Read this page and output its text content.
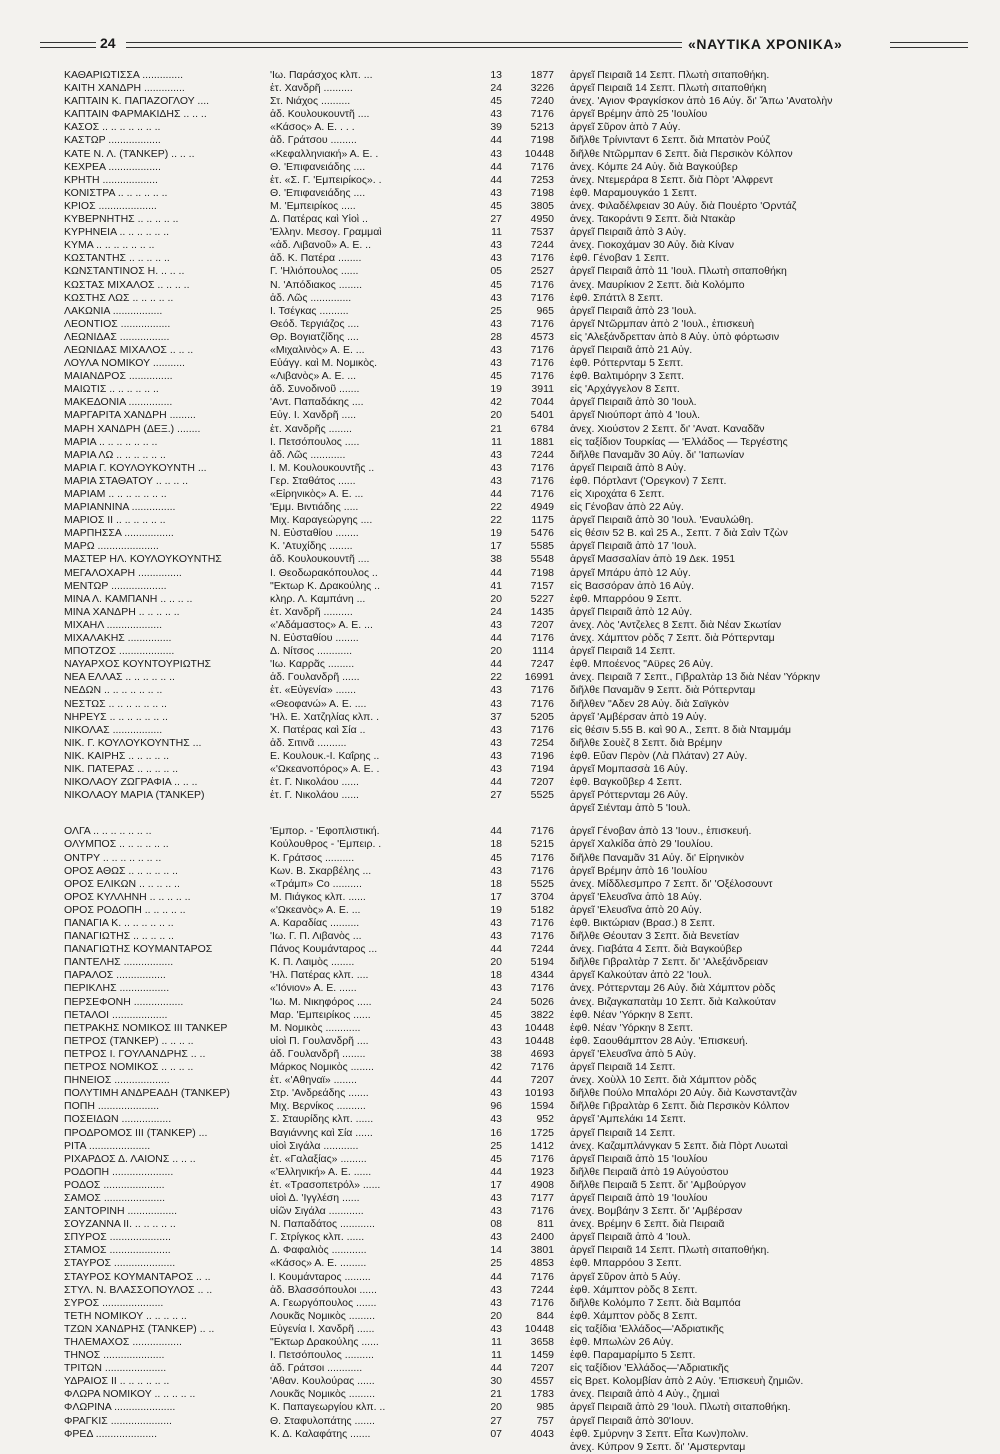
24	«ΝΑΥΤΙΚΑ ΧΡΟΝΙΚΑ»
ΚΑΘΑΡΙΩΤΙΣΣΑ ..............	'Ιω. Παράσχος κλπ. ...	13	1877 ἀργεῖ Πειραιᾶ 14 Σεπτ. Πλωτὴ σιταποθήκη.
ΚΑΙΤΗ ΧΑΝΔΡΗ ..............	ἐτ. Χανδρῆ ..........	24	3226 ἀργεῖ Πειραιᾶ 14 Σεπτ. Πλωτὴ σιταποθήκη
ΚΑΠΤΑΙΝ Κ. ΠΑΠΑΖΟΓΛΟΥ ....	Στ. Νιάχος ..........	45	7240 ἀνεχ. 'Αγιον Φραγκίσκον ἀπὸ 16 Αὐγ. δι' Ἄπω 'Ανατολὴν
ΚΑΠΤΑΙΝ ΦΑΡΜΑΚΙΔΗΣ .. .. ..	ἀδ. Κουλουκουντῆ ....	43	7176 ἀργεῖ Βρέμην ἀπὸ 25 'Ιουλίου
ΚΑΣΟΣ .. .. .. .. .. .. ..	«Κάσος» Α. Ε. . . .	39	5213 ἀργεῖ Σῦρον ἀπὸ 7 Αὐγ.
ΚΑΣΤΩΡ ..................	ἀδ. Γράτσου .........	44	7198 διῆλθε Τρίνινταντ 6 Σεπτ. διὰ Μπατὸν Ρούζ
ΚΑΤΕ Ν. Λ. (ΤΆΝΚΕΡ) .. .. ..	«Κεφαλληνιακή» Α. Ε. .	43	10448 διῆλθε Ντῶρμπαν 6 Σεπτ. διὰ Περσικὸν Κόλπον
ΚΕΧΡΕΑ ..................	Θ. 'Επιφανειάδης ....	44	7176 ἀνεχ. Κόμπε 24 Αὐγ. διὰ Βαγκούβερ
ΚΡΗΤΗ ...................	ἐτ. «Σ. Γ. 'Εμπειρίκος». .	44	7253 ἀνεχ. Ντεμεράρα 8 Σεπτ. διὰ Πὸρτ 'Αλφρεντ
ΚΟΝΙΣΤΡΑ .. .. .. .. .. ..	Θ. 'Επιφανειάδης ....	43	7198 ἐφθ. Μαραμουγκάο 1 Σεπτ.
ΚΡΙΟΣ ....................	Μ. 'Εμπειρίκος .....	45	3805 ἀνεχ. Φιλαδέλφειαν 30 Αὐγ. διὰ Πουέρτο 'Ορντάζ
ΚΥΒΕΡΝΗΤΗΣ .. .. .. .. ..	Δ. Πατέρας καὶ Υἱοὶ ..	27	4950 ἀνεχ. Τακοράντι 9 Σεπτ. διὰ Ντακὰρ
ΚΥΡΗΝΕΙΑ .. .. .. .. .. ..	'Ελλην. Μεσογ. Γραμμαὶ	11	7537 ἀργεῖ Πειραιᾶ ἀπὸ 3 Αὐγ.
ΚΥΜΑ .. .. .. .. .. .. ..	«ἀδ. Λιβανοῦ» Α. Ε. ..	43	7244 ἀνεχ. Γιοκοχάμαν 30 Αὐγ. διὰ Κίναν
ΚΩΣΤΑΝΤΗΣ .. .. .. .. ..	ἀδ. Κ. Πατέρα ........	43	7176 ἐφθ. Γένοβαν 1 Σεπτ.
ΚΩΝΣΤΑΝΤΙΝΟΣ Η. .. .. ..	Γ. 'Ηλιόπουλος ......	05	2527 ἀργεῖ Πειραιᾶ ἀπὸ 11 'Ιουλ. Πλωτὴ σιταποθήκη
ΚΩΣΤΑΣ ΜΙΧΑΛΟΣ .. .. .. ..	Ν. 'Απόδιακος ........	45	7176 ἀνεχ. Μαυρίκιον 2 Σεπτ. διὰ Κολόμπο
ΚΩΣΤΗΣ ΛΩΣ .. .. .. .. ..	ἀδ. Λῶς ..............	43	7176 ἐφθ. Σπάττλ 8 Σεπτ.
ΛΑΚΩΝΙΑ .................	Ι. Τσέγκας ..........	25	965 ἀργεῖ Πειραιᾶ ἀπὸ 23 'Ιουλ.
ΛΕΟΝΤΙΟΣ .................	Θεόδ. Τεργιάζος ....	43	7176 ἀργεῖ Ντῶρμπαν ἀπὸ 2 'Ιουλ., ἐπισκευὴ
ΛΕΩΝΙΔΑΣ .................	Θρ. Βογιατζίδης ....	28	4573 εἰς 'Αλεξάνδρετταν ἀπὸ 8 Αὐγ. ὑπὸ φόρτωσιν
ΛΕΩΝΙΔΑΣ ΜΙΧΑΛΟΣ .. .. ..	«Μιχαλινὸς» Α. Ε. ...	43	7176 ἀργεῖ Πειραιᾶ ἀπὸ 21 Αὐγ.
ΛΟΥΛΑ ΝΟΜΙΚΟΥ ...........	Εὐάγγ. καὶ Μ. Νομικὸς.	43	7176 ἐφθ. Ρόττερνταμ 5 Σεπτ.
ΜΑΙΑΝΔΡΟΣ ...............	«Λιβανὸς» Α. Ε. ...	45	7176 ἐφθ. Βαλτιμόρην 3 Σεπτ.
ΜΑΙΩΤΙΣ .. .. .. .. .. ..	ἀδ. Συνοδινοῦ .......	19	3911 εἰς 'Αρχάγγελον 8 Σεπτ.
ΜΑΚΕΔΟΝΙΑ ...............	'Αντ. Παπαδάκης ....	42	7044 ἀργεῖ Πειραιᾶ ἀπὸ 30 'Ιουλ.
ΜΑΡΓΑΡΙΤΑ ΧΑΝΔΡΗ .........	Εὐγ. Ι. Χανδρῆ .....	20	5401 ἀργεῖ Νιούπορτ ἀπὸ 4 'Ιουλ.
ΜΑΡΗ ΧΑΝΔΡΗ (ΔΕΞ.) ........	ἐτ. Χανδρῆς ........	21	6784 ἀνεχ. Χιούστον 2 Σεπτ. δι' 'Ανατ. Καναδᾶν
ΜΑΡΙΑ .. .. .. .. .. .. ..	Ι. Πετσόπουλος .....	11	1881 εἰς ταξίδιον Τουρκίας — 'Ελλάδος — Τεργέστης
ΜΑΡΙΑ ΛΩ .. .. .. .. .. ..	ἀδ. Λῶς ............	43	7244 διῆλθε Παναμᾶν 30 Αὐγ. δι' 'Ιαπωνίαν
ΜΑΡΙΑ Γ. ΚΟΥΛΟΥΚΟΥΝΤΗ ...	Ι. Μ. Κουλουκουντῆς ..	43	7176 ἀργεῖ Πειραιᾶ ἀπὸ 8 Αὐγ.
ΜΑΡΙΑ ΣΤΑΘΑΤΟΥ .. .. .. ..	Γερ. Σταθάτος ......	43	7176 ἐφθ. Πόρτλαντ ('Ορεγκον) 7 Σεπτ.
ΜΑΡΙΑΜ .. .. .. .. .. .. ..	«Εἰρηνικὸς» Α. Ε. ...	44	7176 εἰς Χιροχάτα 6 Σεπτ.
ΜΑΡΙΑΝΝΙΝΑ ...............	'Εμμ. Βιντιάδης .....	22	4949 εἰς Γένοβαν ἀπὸ 22 Αὐγ.
ΜΑΡΙΟΣ ΙΙ .. .. .. .. .. ..	Μιχ. Καραγεώργης ....	22	1175 ἀργεῖ Πειραιᾶ ἀπὸ 30 'Ιουλ. 'Εναυλώθη.
ΜΑΡΠΗΣΣΑ .................	Ν. Εὐσταθίου ........	19	5476 εἰς θέσιν 52 Β. καὶ 25 Α., Σεπτ. 7 διὰ Σαὶν Τζὼν
ΜΑΡΩ .....................	Κ. 'Ατυχίδης ........	17	5585 ἀργεῖ Πειραιᾶ ἀπὸ 17 'Ιουλ.
ΜΑΣΤΕΡ ΗΛ. ΚΟΥΛΟΥΚΟΥΝΤΗΣ	ἀδ. Κουλουκουντῆ ....	38	5548 ἀργεῖ Μασσαλίαν ἀπὸ 19 Δεκ. 1951
ΜΕΓΑΛΟΧΑΡΗ ...............	Ι. Θεοδωρακόπουλος ..	44	7198 ἀργεῖ Μπάρυ ἀπὸ 12 Αὐγ.
ΜΕΝΤΩΡ ...................	"Εκτωρ Κ. Δρακούλης ..	41	7157 εἰς Βασσόραν ἀπὸ 16 Αὐγ.
ΜΙΝΑ Λ. ΚΑΜΠΑΝΗ .. .. .. ..	κληρ. Λ. Καμπάνη ...	20	5227 ἐφθ. Μπαρρόου 9 Σεπτ.
ΜΙΝΑ ΧΑΝΔΡΗ .. .. .. .. ..	ἐτ. Χανδρῆ ..........	24	1435 ἀργεῖ Πειραιᾶ ἀπὸ 12 Αὐγ.
ΜΙΧΑΗΛ ...................	«'Αδάμαστος» Α. Ε. ...	43	7207 ἀνεχ. Λὸς 'Αντζελες 8 Σεπτ. διὰ Νέαν Σκωτίαν
ΜΙΧΑΛΑΚΗΣ ...............	Ν. Εὐσταθίου ........	44	7176 ἀνεχ. Χάμπτον ρὸδς 7 Σεπτ. διὰ Ρόττερνταμ
ΜΠΟΤΖΟΣ ...................	Δ. Νίτσος ............	20	1114 ἀργεῖ Πειραιᾶ 14 Σεπτ.
ΝΑΥΑΡΧΟΣ ΚΟΥΝΤΟΥΡΙΩΤΗΣ	'Ιω. Καρρᾶς .........	44	7247 ἐφθ. Μποέενος "Αϋρες 26 Αὐγ.
ΝΕΑ ΕΛΛΑΣ .. .. .. .. .. ..	ἀδ. Γουλανδρῆ ......	22	16991 ἀνεχ. Πειραιᾶ 7 Σεπτ., Γιβραλτὰρ 13 διὰ Νέαν 'Υόρκην
ΝΕΔΩΝ .. .. .. .. .. .. ..	ἐτ. «Εὐγενία» .......	43	7176 διῆλθε Παναμᾶν 9 Σεπτ. διὰ Ρόττερνταμ
ΝΕΣΤΩΣ .. .. .. .. .. .. ..	«Θεοφανώ» Α. Ε. ....	43	7176 διῆλθεν "Αδεν 28 Αὐγ. διὰ Σαϊγκὸν
ΝΗΡΕΥΣ .. .. .. .. .. .. ..	'Ηλ. Ε. Χατζηλίας κλπ. .	37	5205 ἀργεῖ 'Αμβέρσαν ἀπὸ 19 Αὐγ.
ΝΙΚΟΛΑΣ .................	Χ. Πατέρας καὶ Σία ..	43	7176 εἰς θέσιν 5.55 Β. καὶ 90 Α., Σεπτ. 8 διὰ Νταμμάμ
ΝΙΚ. Γ. ΚΟΥΛΟΥΚΟΥΝΤΗΣ ...	ἀδ. Σιτινᾶ ..........	43	7254 διῆλθε Σουὲζ 8 Σεπτ. διὰ Βρέμην
ΝΙΚ. ΚΑΙΡΗΣ .. .. .. .. ..	Ε. Κουλουκ.-Ι. Καΐρης ..	43	7196 ἐφθ. Εὔαν Περὸν (Λὰ Πλάταν) 27 Αὐγ.
ΝΙΚ. ΠΑΤΕΡΑΣ .. .. .. .. ..	«'Ωκεανοπόρος» Α. Ε. .	43	7194 ἀργεῖ Μομπασσὰ 16 Αὐγ.
ΝΙΚΟΛΑΟΥ ΖΩΓΡΑΦΙΑ .. .. ..	ἐτ. Γ. Νικολάου ......	44	7207 ἐφθ. Βαγκοῦβερ 4 Σεπτ.
ΝΙΚΟΛΑΟΥ ΜΑΡΙΑ (ΤΆΝΚΕΡ)	ἐτ. Γ. Νικολάου ......	27	5525 ἀργεῖ Ρόττερνταμ 26 Αὐγ.
ἀργεῖ Σιένταμ ἀπὸ 5 'Ιουλ.
ΟΛΓΑ .. .. .. .. .. .. ..	'Εμπορ. - 'Εφοπλιστική.	44	7176 ἀργεῖ Γένοβαν ἀπὸ 13 'Ιουν., ἐπισκευή.
ΟΛΥΜΠΟΣ .. .. .. .. .. ..	Κούλουθρος - 'Εμπειρ. .	18	5215 ἀργεῖ Χαλκίδα ἀπὸ 29 'Ιουλίου.
ΟΝΤΡΥ .. .. .. .. .. .. ..	Κ. Γράτσος ..........	45	7176 διῆλθε Παναμᾶν 31 Αὐγ. δι' Εἰρηνικὸν
ΟΡΟΣ ΑΘΩΣ .. .. .. .. .. ..	Κων. Β. Σκαρβέλης ...	43	7176 ἀργεῖ Βρέμην ἀπὸ 16 'Ιουλίου
ΟΡΟΣ ΕΛΙΚΩΝ .. .. .. .. ..	«Τράμπ» Co ..........	18	5525 ἀνεχ. Μίδδλεσμπρο 7 Σεπτ. δι' 'Οξέλοσουντ
ΟΡΟΣ ΚΥΛΛΗΝΗ .. .. .. .. ..	Μ. Πιάγκος κλπ. ......	17	3704 ἀργεῖ 'Ελευσῖνα ἀπὸ 18 Αὐγ.
ΟΡΟΣ ΡΟΔΟΠΗ .. .. .. .. ..	«'Ωκεανὸς» Α. Ε. ...	19	5182 ἀργεῖ 'Ελευσῖνα ἀπὸ 20 Αὐγ.
ΠΑΝΑΓΙΑ Κ. .. .. .. .. .. ..	Α. Καραδίας ..........	43	7176 ἐφθ. Βικτώριαν (Βρασ.) 8 Σεπτ.
ΠΑΝΑΓΙΩΤΗΣ .. .. .. .. ..	'Ιω. Γ. Π. Λιβανὸς ...	43	7176 διῆλθε Θέουταν 3 Σεπτ. διὰ Βενετίαν
ΠΑΝΑΓΙΩΤΗΣ ΚΟΥΜΑΝΤΑΡΟΣ	Πάνος Κουμάνταρος ...	44	7244 ἀνεχ. Γιαβάτα 4 Σεπτ. διὰ Βαγκούβερ
ΠΑΝΤΕΛΗΣ .................	Κ. Π. Λαιμὸς ........	20	5194 διῆλθε Γιβραλτὰρ 7 Σεπτ. δι' 'Αλεξάνδρειαν
ΠΑΡΑΛΟΣ .................	'Ηλ. Πατέρας κλπ. ....	18	4344 ἀργεῖ Καλκούταν ἀπὸ 22 'Ιουλ.
ΠΕΡΙΚΛΗΣ .................	«'Ιόνιον» Α. Ε. ......	43	7176 ἀνεχ. Ρόττερνταμ 26 Αὐγ. διὰ Χάμπτον ρὸδς
ΠΕΡΣΕΦΟΝΗ .................	'Ιω. Μ. Νικηφόρος .....	24	5026 ἀνεχ. Βιζαγκαπατὰμ 10 Σεπτ. διὰ Καλκούταν
ΠΕΤΑΛΟΙ ...................	Μαρ. 'Εμπειρίκος ......	45	3822 ἐφθ. Νέαν 'Υόρκην 8 Σεπτ.
ΠΕΤΡΑΚΗΣ ΝΟΜΙΚΟΣ ΙΙΙ ΤΆΝΚΕΡ	Μ. Νομικὸς ............	43	10448 ἐφθ. Νέαν 'Υόρκην 8 Σεπτ.
ΠΕΤΡΟΣ (ΤΆΝΚΕΡ) .. .. .. ..	υἱοὶ Π. Γουλανδρῆ ....	43	10448 ἐφθ. Σαουθάμπτον 28 Αὐγ. 'Επισκευή.
ΠΕΤΡΟΣ Ι. ΓΟΥΛΑΝΔΡΗΣ .. ..	ἀδ. Γουλανδρῆ ........	38	4693 ἀργεῖ 'Ελευσῖνα ἀπὸ 5 Αὐγ.
ΠΕΤΡΟΣ ΝΟΜΙΚΟΣ .. .. .. ..	Μάρκος Νομικὸς ........	42	7176 ἀργεῖ Πειραιᾶ 14 Σεπτ.
ΠΗΝΕΙΟΣ ...................	ἐτ. «'Αθηναϊ» ........	44	7207 ἀνεχ. Χοὺλλ 10 Σεπτ. διὰ Χάμπτον ρὸδς
ΠΟΛΥΤΙΜΗ ΑΝΔΡΕΑΔΗ (ΤΆΝΚΕΡ)	Στρ. 'Ανδρεάδης .......	43	10193 διῆλθε Πούλο Μπαλόρι 20 Αὐγ. διὰ Κωνσταντζὰν
ΠΟΠΗ .....................	Μιχ. Βερνίκος ..........	96	1594 διῆλθε Γιβραλτὰρ 6 Σεπτ. διὰ Περσικὸν Κόλπον
ΠΟΣΕΙΔΩΝ .................	Σ. Σταυρίδης κλπ. ......	43	952 ἀργεῖ 'Αμπελάκι 14 Σεπτ.
ΠΡΟΔΡΟΜΟΣ ΙΙΙ (ΤΆΝΚΕΡ) ...	Βαγιάννης καὶ Σία ......	16	1725 ἀργεῖ Πειραιᾶ 14 Σεπτ.
ΡΙΤΑ .....................	υἱοὶ Σιγάλα ............	25	1412 ἀνεχ. Καζαμπλάνγκαν 5 Σεπτ. διὰ Πὸρτ Λυωταὶ
ΡΙΧΑΡΔΟΣ Δ. ΛΑΙΟΝΣ .. .. ..	ἐτ. «Γαλαξίας» .........	45	7176 ἀργεῖ Πειραιᾶ ἀπὸ 15 'Ιουλίου
ΡΟΔΟΠΗ .....................	«'Ελληνική» Α. Ε. ......	44	1923 διῆλθε Πειραιᾶ ἀπὸ 19 Αὐγούστου
ΡΟΔΟΣ .....................	ἐτ. «Τρασοπετρόλ» ......	17	4908 διῆλθε Πειραιᾶ 5 Σεπτ. δι' 'Αμβούργον
ΣΑΜΟΣ .....................	υἱοὶ Δ. 'Ιγγλέση ......	43	7177 ἀργεῖ Πειραιᾶ ἀπὸ 19 'Ιουλίου
ΣΑΝΤΟΡΙΝΗ .................	υἱῶν Σιγάλα ............	43	7176 ἀνεχ. Βομβάην 3 Σεπτ. δι' 'Αμβέρσαν
ΣΟΥΖΑΝΝΑ ΙΙ. .. .. .. .. ..	Ν. Παπαδάτος ............	08	811 ἀνεχ. Βρέμην 6 Σεπτ. διὰ Πειραιᾶ
ΣΠΥΡΟΣ .....................	Γ. Στρίγκος κλπ. ......	43	2400 ἀργεῖ Πειραιᾶ ἀπὸ 4 'Ιουλ.
ΣΤΑΜΟΣ .....................	Δ. Φαφαλιὸς ............	14	3801 ἀργεῖ Πειραιᾶ 14 Σεπτ. Πλωτὴ σιταποθήκη.
ΣΤΑΥΡΟΣ .....................	«Κάσος» Α. Ε. .........	25	4853 ἐφθ. Μπαρρόου 3 Σεπτ.
ΣΤΑΥΡΟΣ ΚΟΥΜΑΝΤΑΡΟΣ .. ..	Ι. Κουμάνταρος .........	44	7176 ἀργεῖ Σῦρον ἀπὸ 5 Αὐγ.
ΣΤΥΛ. Ν. ΒΛΑΣΣΟΠΟΥΛΟΣ .. ..	ἀδ. Βλασσόπουλοι ......	43	7244 ἐφθ. Χάμπτον ρὸδς 8 Σεπτ.
ΣΥΡΟΣ .....................	Α. Γεωργόπουλος .......	43	7176 διῆλθε Κολόμπο 7 Σεπτ. διὰ Βαμπόα
ΤΕΤΗ ΝΟΜΙΚΟΥ .. .. .. .. ..	Λουκᾶς Νομικὸς .........	20	844 ἐφθ. Χάμπτον ρὸδς 8 Σεπτ.
ΤΖΩΝ ΧΑΝΔΡΗΣ (ΤΆΝΚΕΡ) .. ..	Εὐγενία Ι. Χανδρῆ ......	43	10448 εἰς ταξίδια 'Ελλάδος—'Αδριατικῆς
ΤΗΛΕΜΑΧΟΣ .................	"Εκτωρ Δρακούλης ......	11	3658 ἐφθ. Μπωλὼν 26 Αὐγ.
ΤΗΝΟΣ .....................	Ι. Πετσόπουλος ..........	11	1459 ἐφθ. Παραμαρίμπο 5 Σεπτ.
ΤΡΙΤΩΝ .....................	ἀδ. Γράτσοι ............	44	7207 εἰς ταξίδιον 'Ελλάδος—'Αδριατικῆς
ΥΔΡΑΙΟΣ ΙΙ .. .. .. .. .. ..	'Αθαν. Κουλούρας ......	30	4557 εἰς Βρετ. Κολομβίαν ἀπὸ 2 Αὐγ. 'Επισκευὴ ζημιῶν.
ΦΛΩΡΑ ΝΟΜΙΚΟΥ .. .. .. .. ..	Λουκᾶς Νομικὸς .........	21	1783 ἀνεχ. Πειραιᾶ ἀπὸ 4 Αὐγ., ζημιαὶ
ΦΛΩΡΙΝΑ .....................	Κ. Παπαγεωργίου κλπ. ..	20	985 ἀργεῖ Πειραιᾶ ἀπὸ 29 'Ιουλ. Πλωτὴ σιταποθήκη.
ΦΡΑΓΚΙΣ .....................	Θ. Σταφυλοπάτης .......	27	757 ἀργεῖ Πειραιᾶ ἀπὸ 30'Ιουν.
ΦΡΕΔ .....................	Κ. Δ. Καλαφάτης .......	07	4043 ἐφθ. Σμύρνην 3 Σεπτ. Εἶτα Κων)πολιν.
ἀνεχ. Κύπρον 9 Σεπτ. δι' 'Αμστερνταμ
